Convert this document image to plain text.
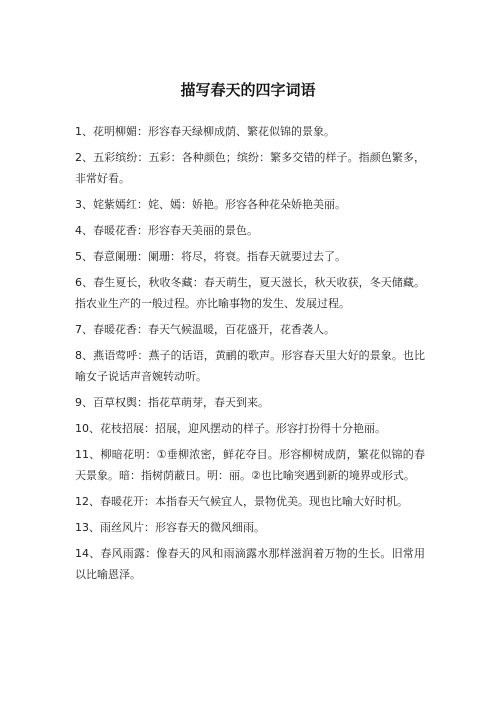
描写春天的四字词语
1、花明柳媚：形容春天绿柳成荫、繁花似锦的景象。
2、五彩缤纷：五彩：各种颜色；缤纷：繁多交错的样子。指颜色繁多，非常好看。
3、姹紫嫣红：姹、嫣：娇艳。形容各种花朵娇艳美丽。
4、春暖花香：形容春天美丽的景色。
5、春意阑珊：阑珊：将尽，将衰。指春天就要过去了。
6、春生夏长，秋收冬藏：春天萌生，夏天滋长，秋天收获，冬天储藏。指农业生产的一般过程。亦比喻事物的发生、发展过程。
7、春暖花香：春天气候温暖，百花盛开，花香袭人。
8、燕语莺呼：燕子的话语，黄鹂的歌声。形容春天里大好的景象。也比喻女子说话声音婉转动听。
9、百草权舆：指花草萌芽，春天到来。
10、花枝招展：招展，迎风摆动的样子。形容打扮得十分艳丽。
11、柳暗花明：①垂柳浓密，鲜花夺目。形容柳树成荫，繁花似锦的春天景象。暗：指树荫蔽日。明：丽。②也比喻突遇到新的境界或形式。
12、春暖花开：本指春天气候宜人，景物优美。现也比喻大好时机。
13、雨丝风片：形容春天的微风细雨。
14、春风雨露：像春天的风和雨滴露水那样滋润着万物的生长。旧常用以比喻恩泽。
